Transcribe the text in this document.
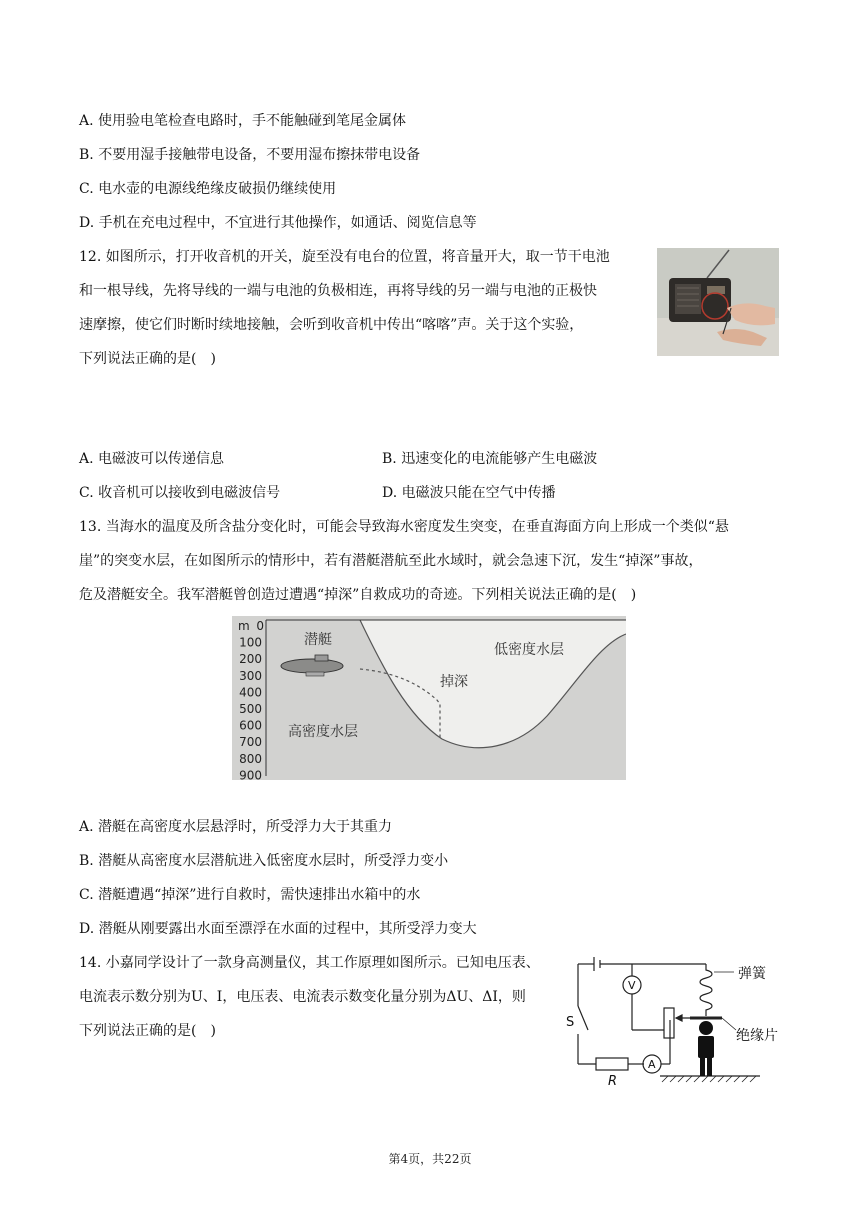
A. 使用验电笔检查电路时，手不能触碰到笔尾金属体
B. 不要用湿手接触带电设备，不要用湿布擦抹带电设备
C. 电水壶的电源线绝缘皮破损仍继续使用
D. 手机在充电过程中，不宜进行其他操作，如通话、阅览信息等
12. 如图所示，打开收音机的开关，旋至没有电台的位置，将音量开大，取一节干电池
和一根导线，先将导线的一端与电池的负极相连，再将导线的另一端与电池的正极快
速摩擦，使它们时断时续地接触，会听到收音机中传出“喀喀”声。关于这个实验，
下列说法正确的是(　)
A. 电磁波可以传递信息	B. 迅速变化的电流能够产生电磁波
C. 收音机可以接收到电磁波信号	D. 电磁波只能在空气中传播
13. 当海水的温度及所含盐分变化时，可能会导致海水密度发生突变，在垂直海面方向上形成一个类似“悬
崖”的突变水层，在如图所示的情形中，若有潜艇潜航至此水域时，就会急速下沉，发生“掉深”事故，
危及潜艇安全。我军潜艇曾创造过遭遇“掉深”自救成功的奇迹。下列相关说法正确的是(　)
m 0
100
200
300
400
500
600
700
800
900
潜艇
低密度水层
高密度水层
掉深
A. 潜艇在高密度水层悬浮时，所受浮力大于其重力
B. 潜艇从高密度水层潜航进入低密度水层时，所受浮力变小
C. 潜艇遭遇“掉深”进行自救时，需快速排出水箱中的水
D. 潜艇从刚要露出水面至漂浮在水面的过程中，其所受浮力变大
14. 小嘉同学设计了一款身高测量仪，其工作原理如图所示。已知电压表、
电流表示数分别为U、I，电压表、电流表示数变化量分别为ΔU、ΔI，则
下列说法正确的是(　)
弹簧
绝缘片
S
R
V
A
第4页，共22页
